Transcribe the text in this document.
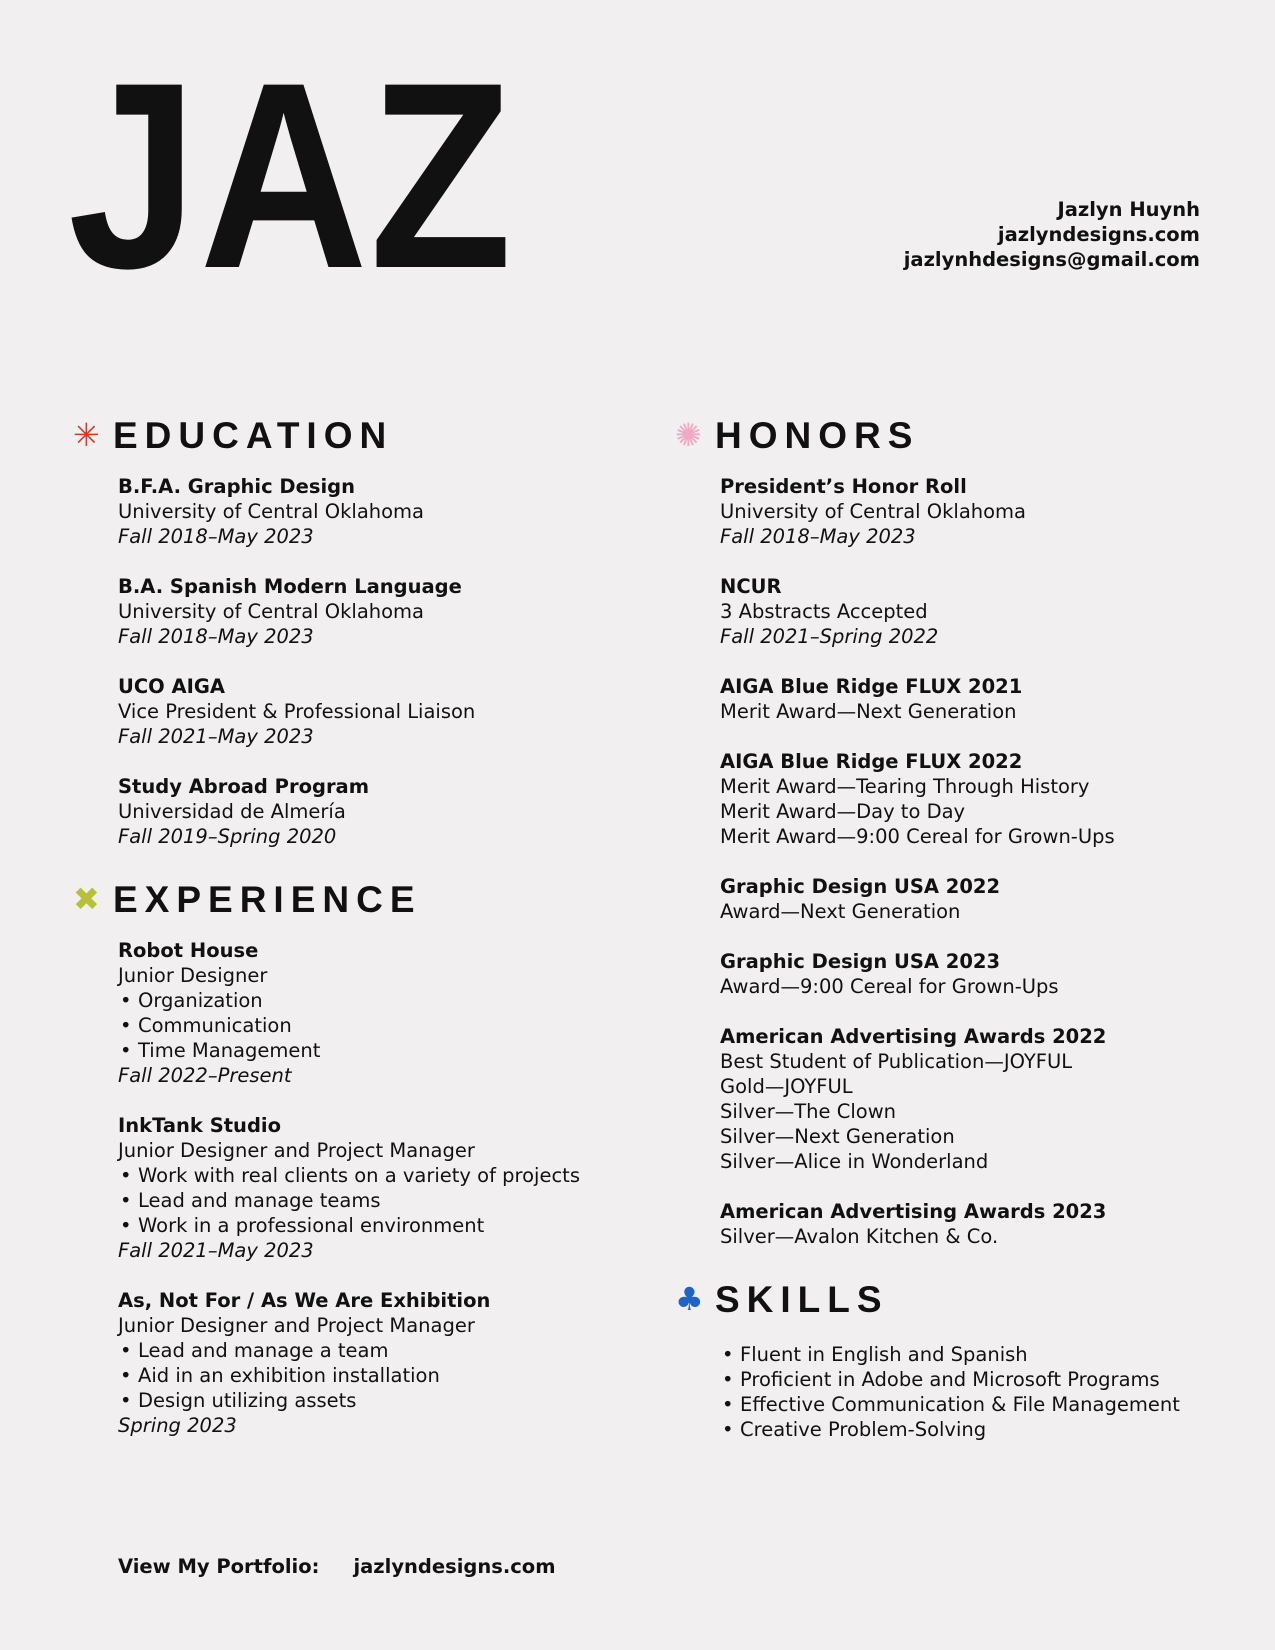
JAZ	Jazlyn Huynh
jazlyndesigns.com
jazlynhdesigns@gmail.com
✳ EDUCATION
B.F.A. Graphic Design
University of Central Oklahoma
Fall 2018–May 2023
B.A. Spanish Modern Language
University of Central Oklahoma
Fall 2018–May 2023
UCO AIGA
Vice President & Professional Liaison
Fall 2021–May 2023
Study Abroad Program
Universidad de Almería
Fall 2019–Spring 2020
✖ EXPERIENCE
Robot House
Junior Designer
• Organization
• Communication
• Time Management
Fall 2022–Present
InkTank Studio
Junior Designer and Project Manager
• Work with real clients on a variety of projects
• Lead and manage teams
• Work in a professional environment
Fall 2021–May 2023
As, Not For / As We Are Exhibition
Junior Designer and Project Manager
• Lead and manage a team
• Aid in an exhibition installation
• Design utilizing assets
Spring 2023
✺ HONORS
President’s Honor Roll
University of Central Oklahoma
Fall 2018–May 2023
NCUR
3 Abstracts Accepted
Fall 2021–Spring 2022
AIGA Blue Ridge FLUX 2021
Merit Award—Next Generation
AIGA Blue Ridge FLUX 2022
Merit Award—Tearing Through History
Merit Award—Day to Day
Merit Award—9:00 Cereal for Grown-Ups
Graphic Design USA 2022
Award—Next Generation
Graphic Design USA 2023
Award—9:00 Cereal for Grown-Ups
American Advertising Awards 2022
Best Student of Publication—JOYFUL
Gold—JOYFUL
Silver—The Clown
Silver—Next Generation
Silver—Alice in Wonderland
American Advertising Awards 2023
Silver—Avalon Kitchen & Co.
♣ SKILLS
• Fluent in English and Spanish
• Proficient in Adobe and Microsoft Programs
• Effective Communication & File Management
• Creative Problem-Solving
View My Portfolio: jazlyndesigns.com
